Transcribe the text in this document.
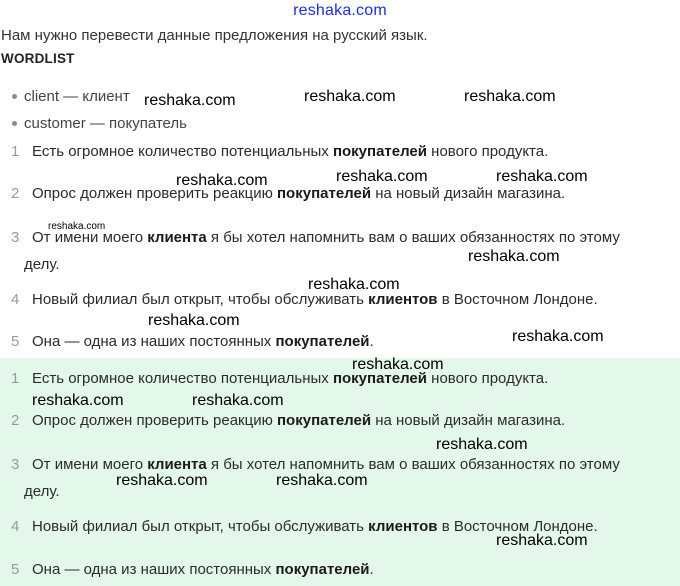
reshaka.com
Нам нужно перевести данные предложения на русский язык.
WORDLIST
client — клиент
customer — покупатель
1 Есть огромное количество потенциальных покупателей нового продукта.
2 Опрос должен проверить реакцию покупателей на новый дизайн магазина.
3 От имени моего клиента я бы хотел напомнить вам о ваших обязанностях по этому
делу.
4 Новый филиал был открыт, чтобы обслуживать клиентов в Восточном Лондоне.
5 Она — одна из наших постоянных покупателей.
1 Есть огромное количество потенциальных покупателей нового продукта.
2 Опрос должен проверить реакцию покупателей на новый дизайн магазина.
3 От имени моего клиента я бы хотел напомнить вам о ваших обязанностях по этому
делу.
4 Новый филиал был открыт, чтобы обслуживать клиентов в Восточном Лондоне.
5 Она — одна из наших постоянных покупателей.
reshaka.com	reshaka.com	reshaka.com
reshaka.com	reshaka.com	reshaka.com
reshaka.com
reshaka.com
reshaka.com
reshaka.com
reshaka.com
reshaka.com
reshaka.com	reshaka.com
reshaka.com
reshaka.com	reshaka.com
reshaka.com
